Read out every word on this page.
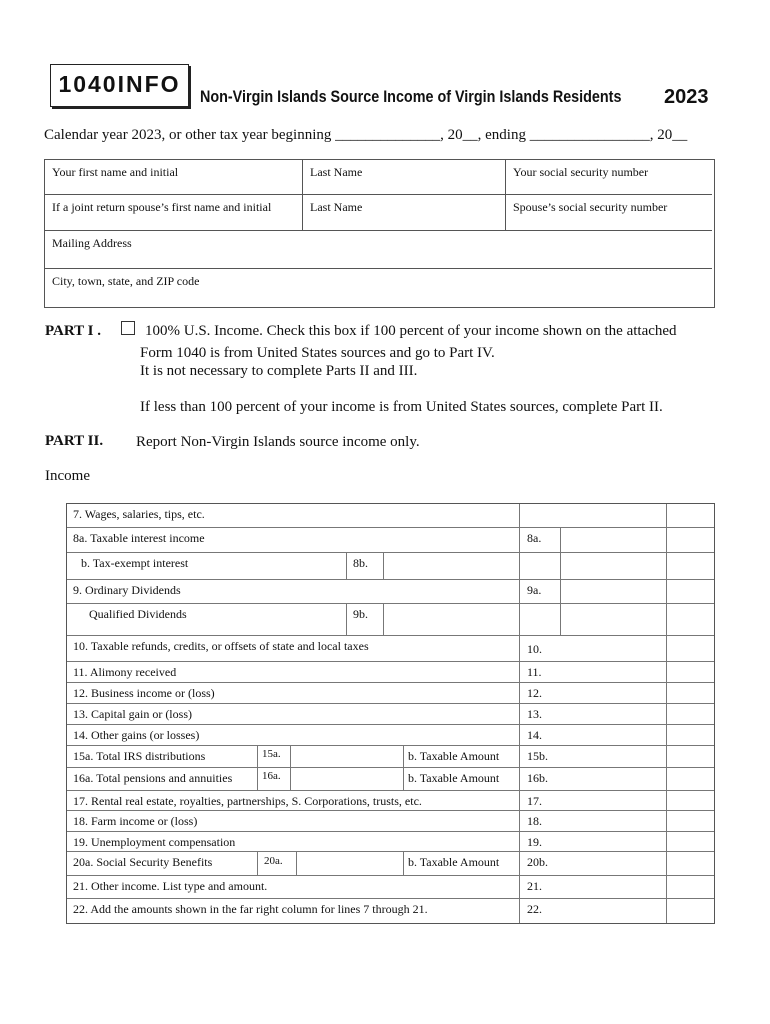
1040INFO	Non-Virgin Islands Source Income of Virgin Islands Residents 2023
Calendar year 2023, or other tax year beginning ______________, 20__, ending ________________, 20__
Your first name and initial	Last Name	Your social security number
If a joint return spouse’s first name and initial	Last Name	Spouse’s social security number
Mailing Address
City, town, state, and ZIP code
PART I .	100% U.S. Income. Check this box if 100 percent of your income shown on the attached
Form 1040 is from United States sources and go to Part IV.
It is not necessary to complete Parts II and III.
If less than 100 percent of your income is from United States sources, complete Part II.
PART II. Report Non-Virgin Islands source income only.
Income
7. Wages, salaries, tips, etc.
8a. Taxable interest income	8a.
b. Tax-exempt interest	8b.
9. Ordinary Dividends	9a.
Qualified Dividends	9b.
10. Taxable refunds, credits, or offsets of state and local taxes	10.
11. Alimony received	11.
12. Business income or (loss)	12.
13. Capital gain or (loss)	13.
14. Other gains (or losses)	14.
15a. Total IRS distributions	15a.	b. Taxable Amount 15b.
16a. Total pensions and annuities	16a.	b. Taxable Amount 16b.
17. Rental real estate, royalties, partnerships, S. Corporations, trusts, etc.	17.
18. Farm income or (loss)	18.
19. Unemployment compensation	19.
20a. Social Security Benefits	20a.	b. Taxable Amount 20b.
21. Other income. List type and amount.	21.
22. Add the amounts shown in the far right column for lines 7 through 21.	22.
